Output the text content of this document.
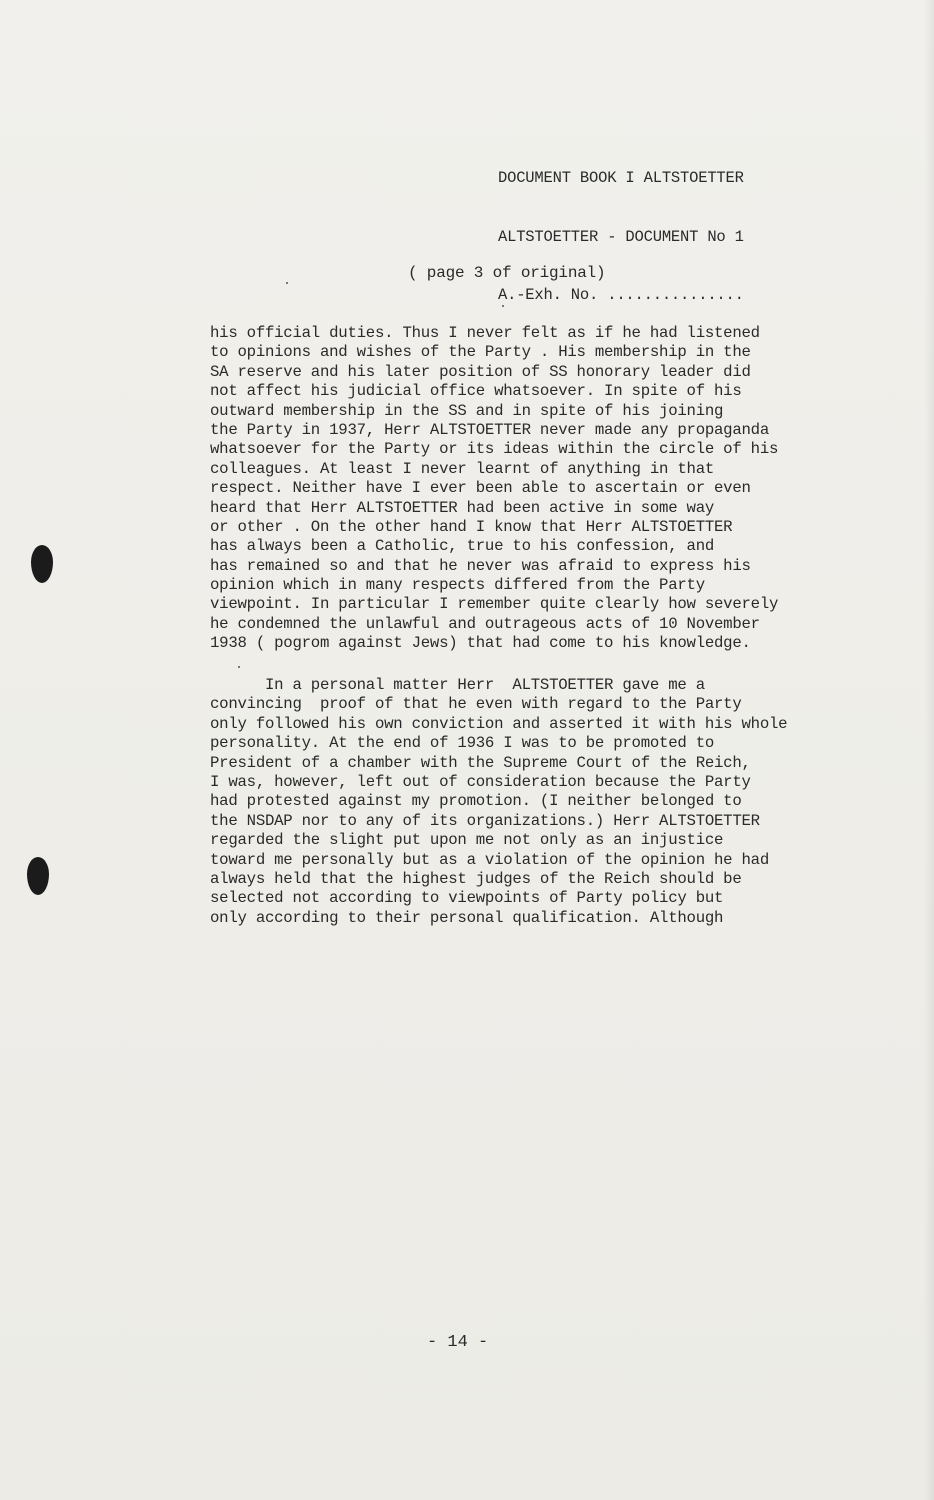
DOCUMENT BOOK I ALTSTOETTER

ALTSTOETTER - DOCUMENT No 1

A.-Exh. No. ...............

( page 3 of original)
his official duties. Thus I never felt as if he had listened
to opinions and wishes of the Party . His membership in the
SA reserve and his later position of SS honorary leader did
not affect his judicial office whatsoever. In spite of his
outward membership in the SS and in spite of his joining
the Party in 1937, Herr ALTSTOETTER never made any propaganda
whatsoever for the Party or its ideas within the circle of his
colleagues. At least I never learnt of anything in that
respect. Neither have I ever been able to ascertain or even
heard that Herr ALTSTOETTER had been active in some way
or other . On the other hand I know that Herr ALTSTOETTER
has always been a Catholic, true to his confession, and
has remained so and that he never was afraid to express his
opinion which in many respects differed from the Party
viewpoint. In particular I remember quite clearly how severely
he condemned the unlawful and outrageous acts of 10 November
1938 ( pogrom against Jews) that had come to his knowledge.
In a personal matter Herr  ALTSTOETTER gave me a
convincing  proof of that he even with regard to the Party
only followed his own conviction and asserted it with his whole
personality. At the end of 1936 I was to be promoted to
President of a chamber with the Supreme Court of the Reich,
I was, however, left out of consideration because the Party
had protested against my promotion. (I neither belonged to
the NSDAP nor to any of its organizations.) Herr ALTSTOETTER
regarded the slight put upon me not only as an injustice
toward me personally but as a violation of the opinion he had
always held that the highest judges of the Reich should be
selected not according to viewpoints of Party policy but
only according to their personal qualification. Although
- 14 -
